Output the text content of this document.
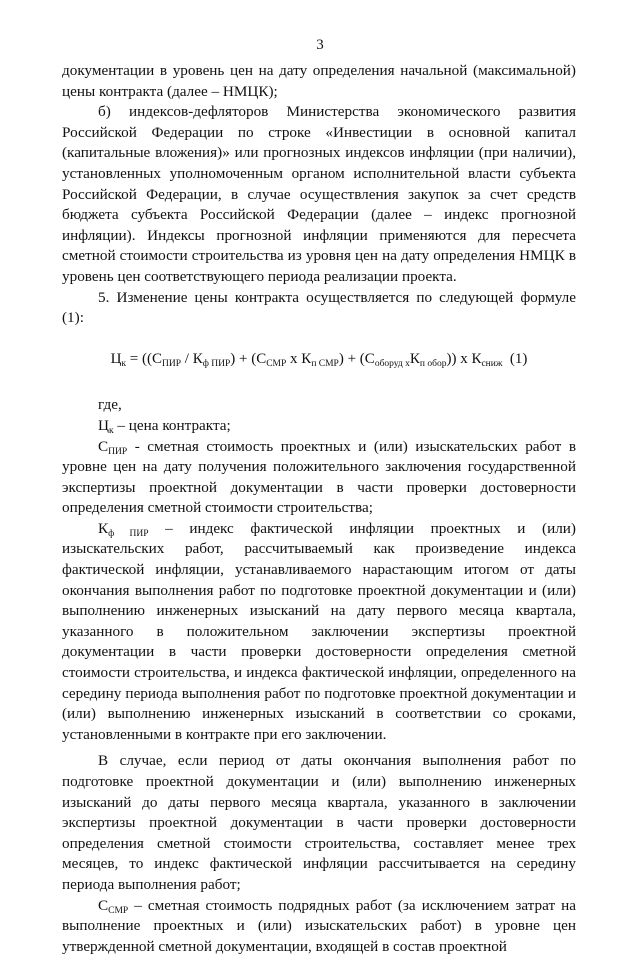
3

документации в уровень цен на дату определения начальной (максимальной) цены контракта (далее – НМЦК);

б) индексов-дефляторов Министерства экономического развития Российской Федерации по строке «Инвестиции в основной капитал (капитальные вложения)» или прогнозных индексов инфляции (при наличии), установленных уполномоченным органом исполнительной власти субъекта Российской Федерации, в случае осуществления закупок за счет средств бюджета субъекта Российской Федерации (далее – индекс прогнозной инфляции). Индексы прогнозной инфляции применяются для пересчета сметной стоимости строительства из уровня цен на дату определения НМЦК в уровень цен соответствующего периода реализации проекта.

5. Изменение цены контракта осуществляется по следующей формуле (1):

$Ц_к = ((С_{ПИР} / К_{ф ПИР}) + (С_{СМР}$ х $К_{п СМР}) + (С_{оборуд х}К_{п обор})$) х $К_{сниж}$ (1)

где,

$Ц_к$ – цена контракта;

$С_{ПИР}$ - сметная стоимость проектных и (или) изыскательских работ в уровне цен на дату получения положительного заключения государственной экспертизы проектной документации в части проверки достоверности определения сметной стоимости строительства;

$К_{ф ПИР}$ – индекс фактической инфляции проектных и (или) изыскательских работ, рассчитываемый как произведение индекса фактической инфляции, устанавливаемого нарастающим итогом от даты окончания выполнения работ по подготовке проектной документации и (или) выполнению инженерных изысканий на дату первого месяца квартала, указанного в положительном заключении экспертизы проектной документации в части проверки достоверности определения сметной стоимости строительства, и индекса фактической инфляции, определенного на середину периода выполнения работ по подготовке проектной документации и (или) выполнению инженерных изысканий в соответствии со сроками, установленными в контракте при его заключении.

В случае, если период от даты окончания выполнения работ по подготовке проектной документации и (или) выполнению инженерных изысканий до даты первого месяца квартала, указанного в заключении экспертизы проектной документации в части проверки достоверности определения сметной стоимости строительства, составляет менее трех месяцев, то индекс фактической инфляции рассчитывается на середину периода выполнения работ;

$С_{СМР}$ – сметная стоимость подрядных работ (за исключением затрат на выполнение проектных и (или) изыскательских работ) в уровне цен утвержденной сметной документации, входящей в состав проектной
